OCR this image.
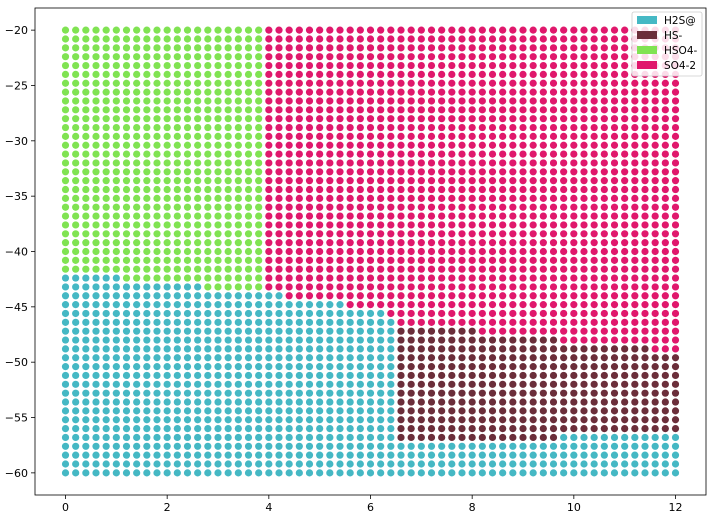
0	2	4	6	8	10	12
−60
−55
−50
−45
−40
−35
−30
−25
−20
H2S@
HS-
HSO4-
SO4-2
